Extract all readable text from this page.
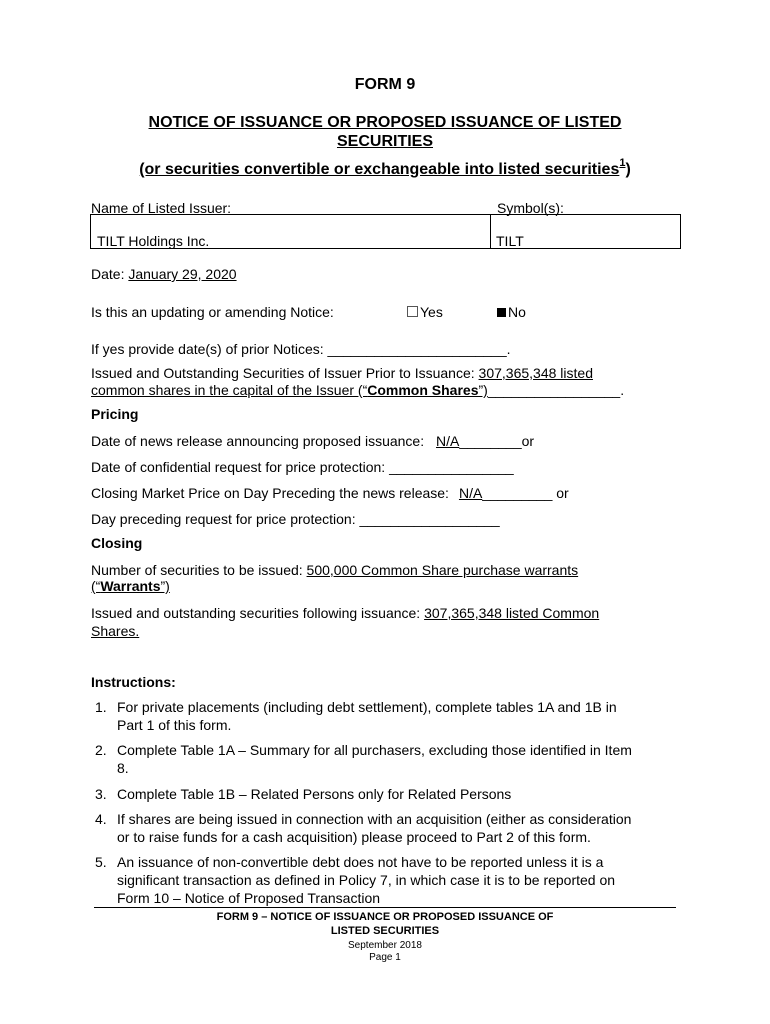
FORM 9
NOTICE OF ISSUANCE OR PROPOSED ISSUANCE OF LISTED
SECURITIES
(or securities convertible or exchangeable into listed securities$^1$)
Name of Listed Issuer:	Symbol(s):
TILT Holdings Inc.	TILT
Date: January 29, 2020
Is this an updating or amending Notice:	Yes	No
If yes provide date(s) of prior Notices: _______________________.
Issued and Outstanding Securities of Issuer Prior to Issuance: 307,365,348 listed
common shares in the capital of the Issuer (“Common Shares”)_________________.
Pricing
Date of news release announcing proposed issuance: N/A________or
Date of confidential request for price protection: ________________
Closing Market Price on Day Preceding the news release: N/A_________ or
Day preceding request for price protection: __________________
Closing
Number of securities to be issued: 500,000 Common Share purchase warrants
(“Warrants”)
Issued and outstanding securities following issuance: 307,365,348 listed Common
Shares.
Instructions:
1. For private placements (including debt settlement), complete tables 1A and 1B in
Part 1 of this form.
2. Complete Table 1A – Summary for all purchasers, excluding those identified in Item
8.
3. Complete Table 1B – Related Persons only for Related Persons
4. If shares are being issued in connection with an acquisition (either as consideration
or to raise funds for a cash acquisition) please proceed to Part 2 of this form.
5. An issuance of non-convertible debt does not have to be reported unless it is a
significant transaction as defined in Policy 7, in which case it is to be reported on
Form 10 – Notice of Proposed Transaction
FORM 9 – NOTICE OF ISSUANCE OR PROPOSED ISSUANCE OF
LISTED SECURITIES
September 2018
Page 1
